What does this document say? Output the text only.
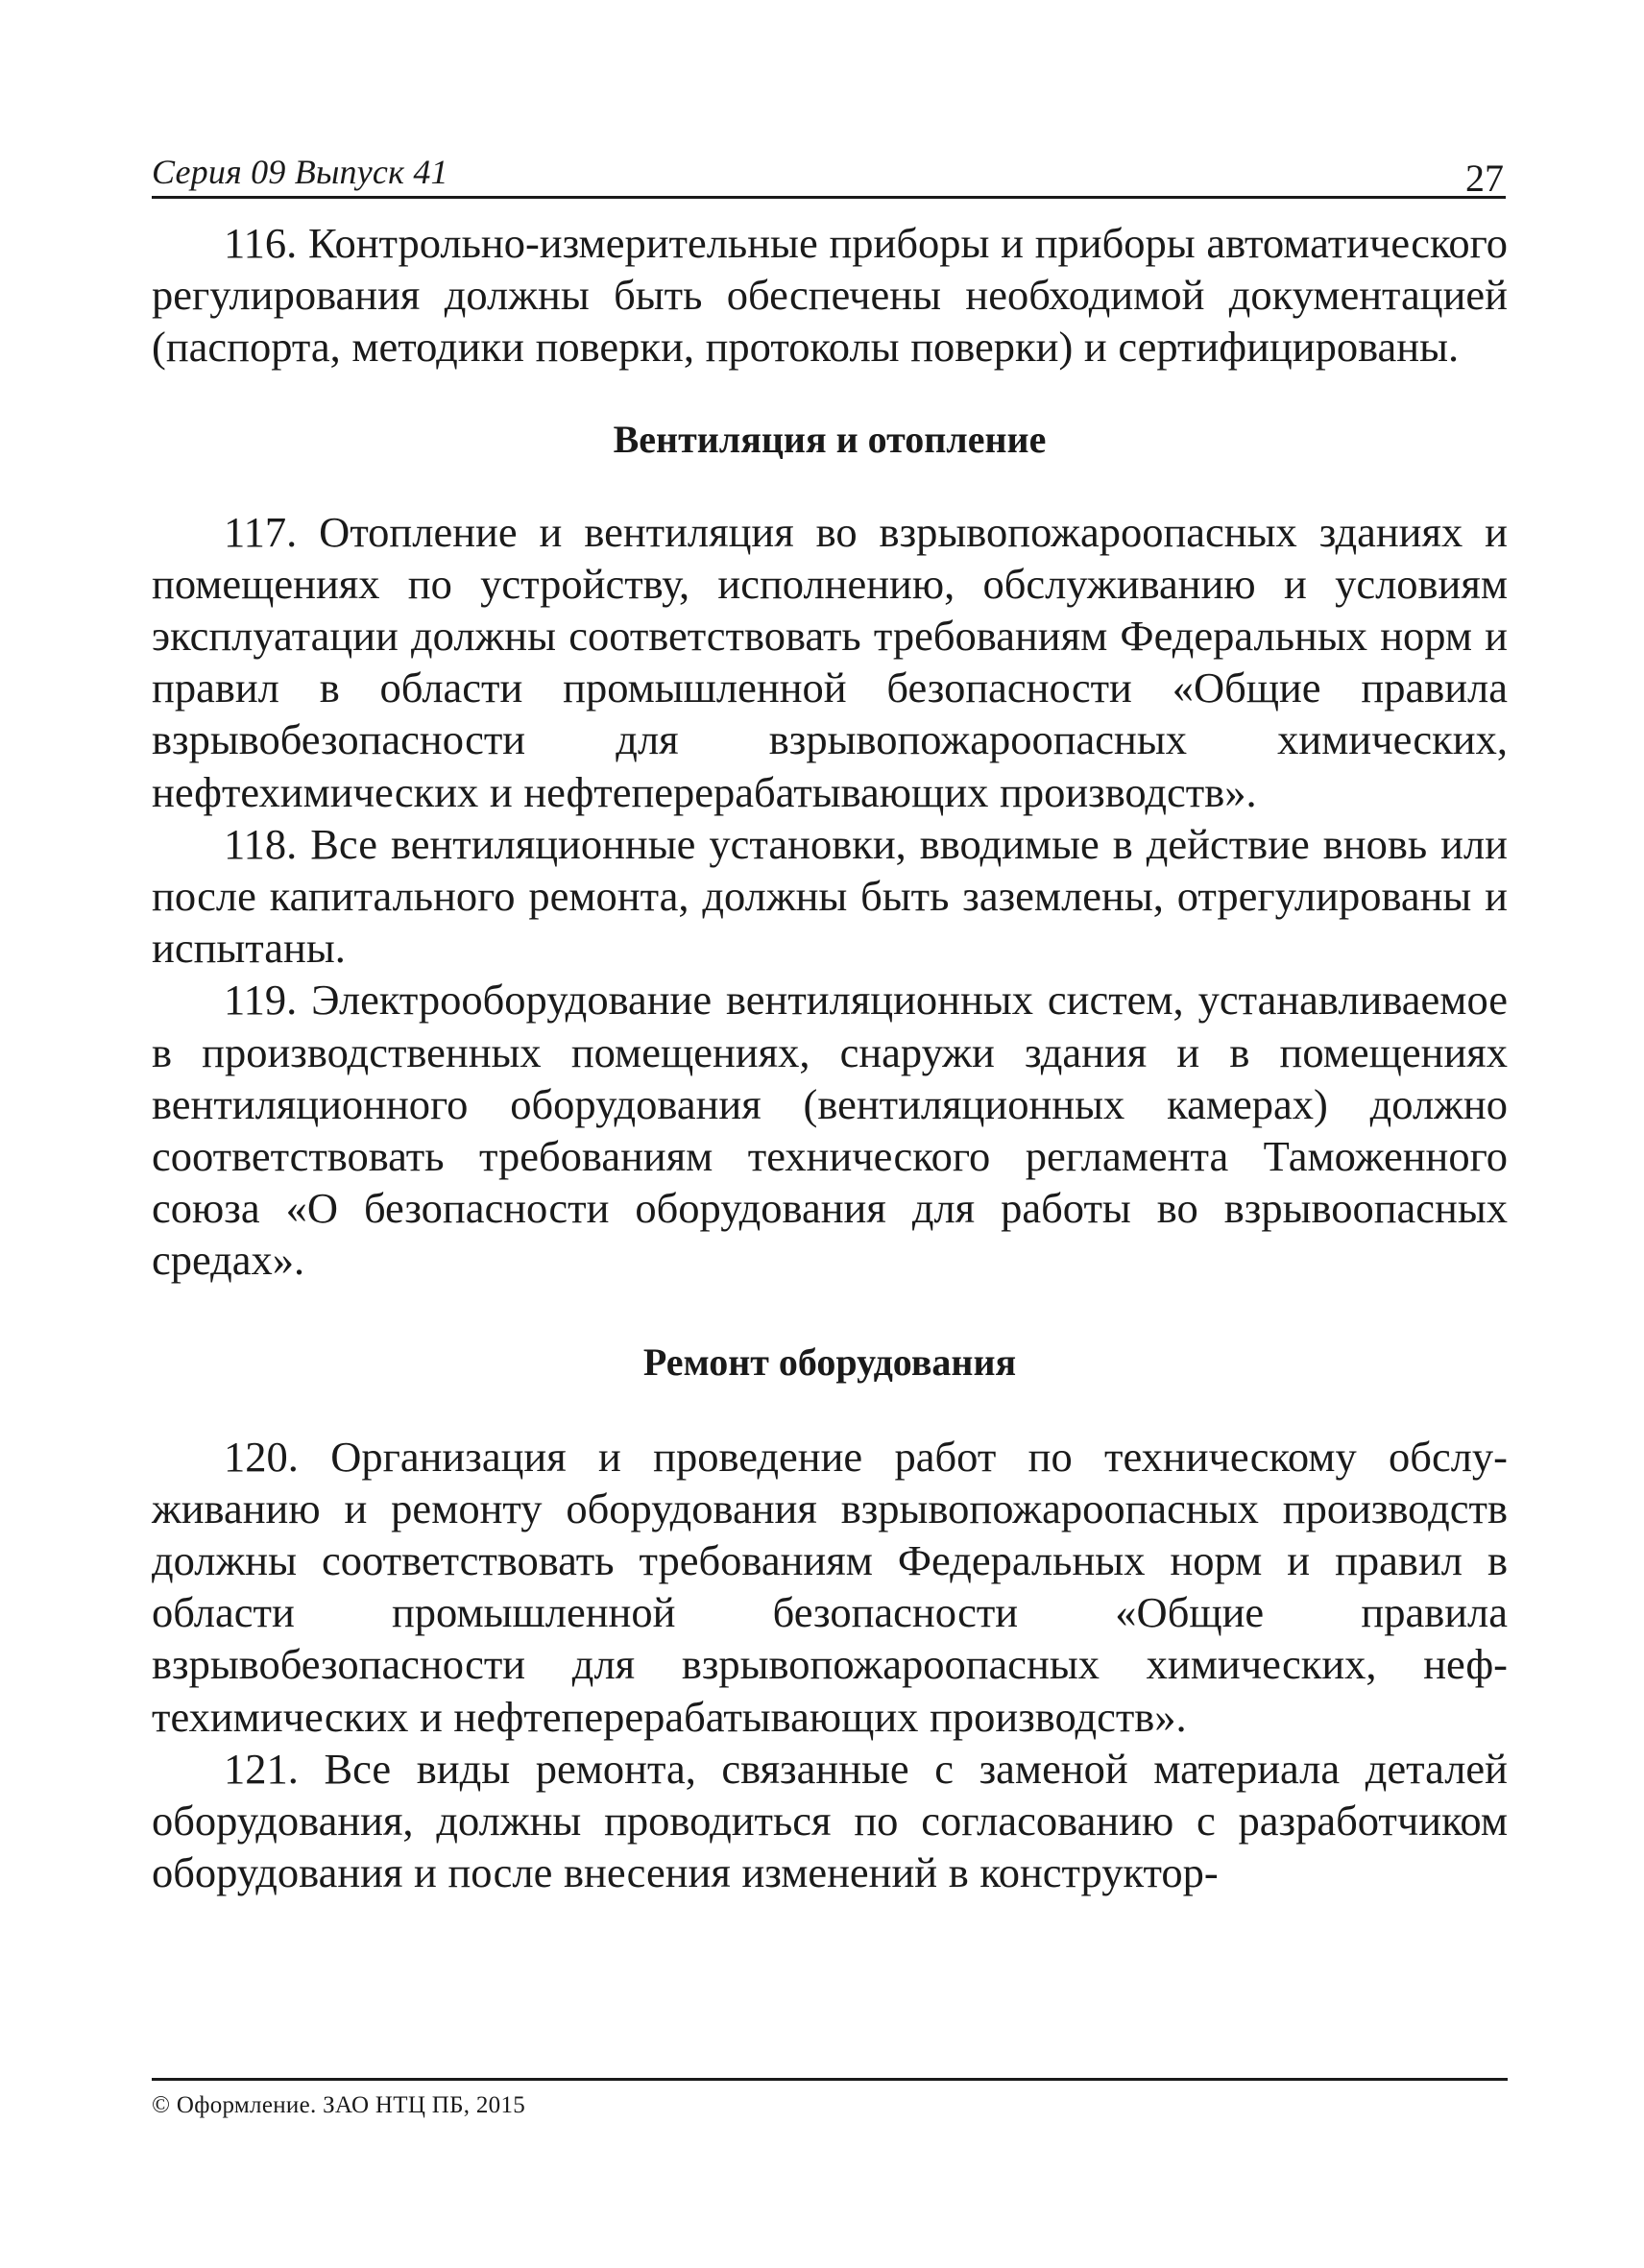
Серия 09 Выпуск 41	27

116. Контрольно-измерительные приборы и приборы автоматического регулирования должны быть обеспечены необходимой документацией (паспорта, методики поверки, протоколы поверки) и сертифицированы.

Вентиляция и отопление

117. Отопление и вентиляция во взрывопожароопасных зданиях и помещениях по устройству, исполнению, обслуживанию и условиям эксплуатации должны соответствовать требованиям Федеральных норм и правил в области промышленной безопасности «Общие правила взрывобезопасности для взрывопожароопасных химических, нефтехимических и нефтеперерабатывающих производств».

118. Все вентиляционные установки, вводимые в действие вновь или после капитального ремонта, должны быть заземлены, отрегулированы и испытаны.

119. Электрооборудование вентиляционных систем, устанавливаемое в производственных помещениях, снаружи здания и в помещениях вентиляционного оборудования (вентиляционных камерах) должно соответствовать требованиям технического регламента Таможенного союза «О безопасности оборудования для работы во взрывоопасных средах».

Ремонт оборудования

120. Организация и проведение работ по техническому обслуживанию и ремонту оборудования взрывопожароопасных производств должны соответствовать требованиям Федеральных норм и правил в области промышленной безопасности «Общие правила взрывобезопасности для взрывопожароопасных химических, нефтехимических и нефтеперерабатывающих производств».

121. Все виды ремонта, связанные с заменой материала деталей оборудования, должны проводиться по согласованию с разработчиком оборудования и после внесения изменений в конструктор-

© Оформление. ЗАО НТЦ ПБ, 2015
